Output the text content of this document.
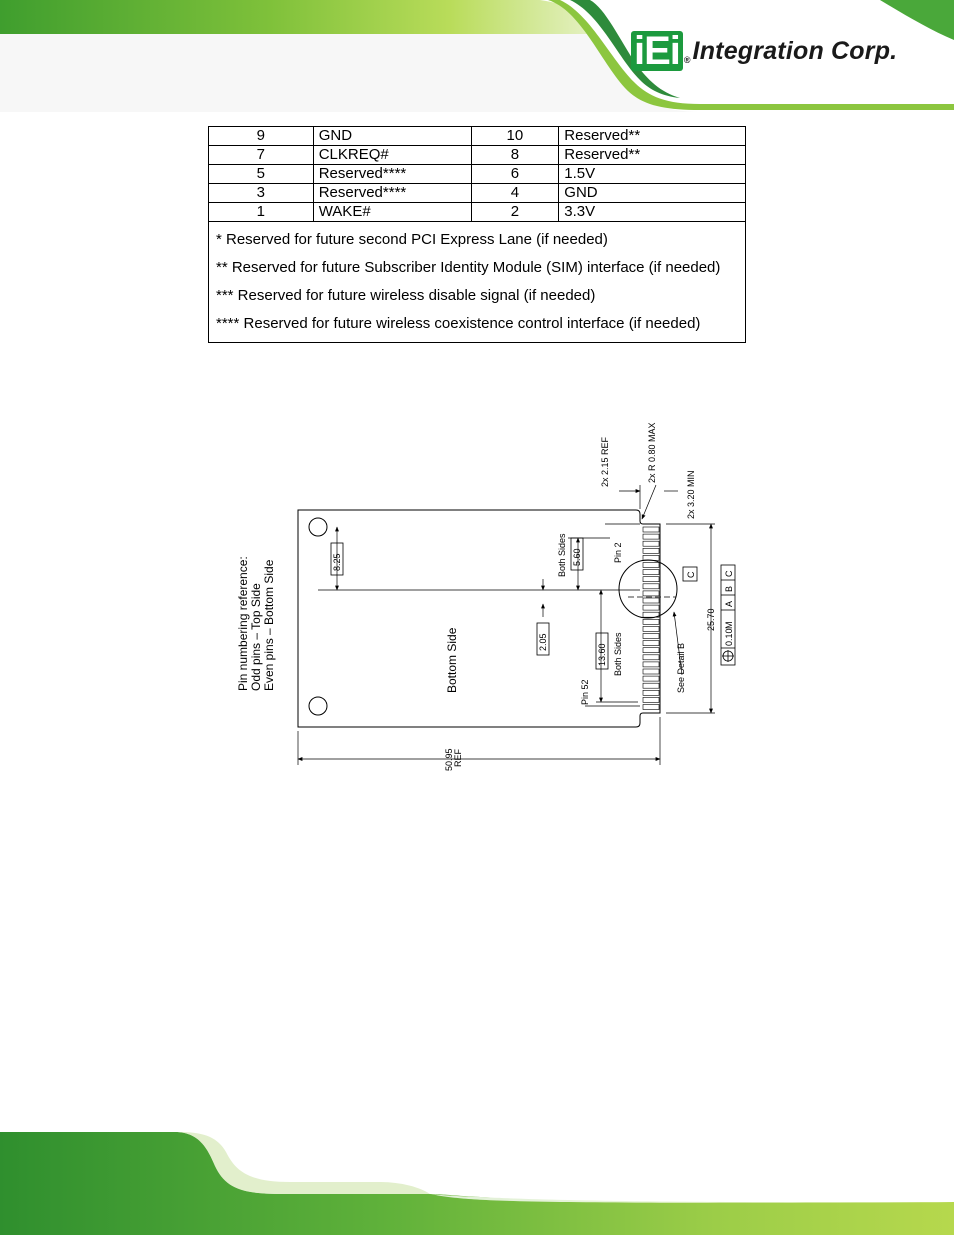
iEi ® Integration Corp.
9	GND	10	Reserved**
7	CLKREQ#	8	Reserved**
5	Reserved****	6	1.5V
3	Reserved****	4	GND
1	WAKE#	2	3.3V

* Reserved for future second PCI Express Lane (if needed)

** Reserved for future Subscriber Identity Module (SIM) interface (if needed)

*** Reserved for future wireless disable signal (if needed)

**** Reserved for future wireless coexistence control interface (if needed)			

Pin numbering reference: Odd pins – Top Side Even pins – Bottom Side	Bottom Side
8.25
2.05
5.60
13.60
Both Sides
Both Sides
Pin 2
Pin 52	See Detail B
2x 2.15 REF	2x R 0.80 MAX
2x 3.20 MIN
25.70
C	C
B
A
M
0.10
50.95 REF
